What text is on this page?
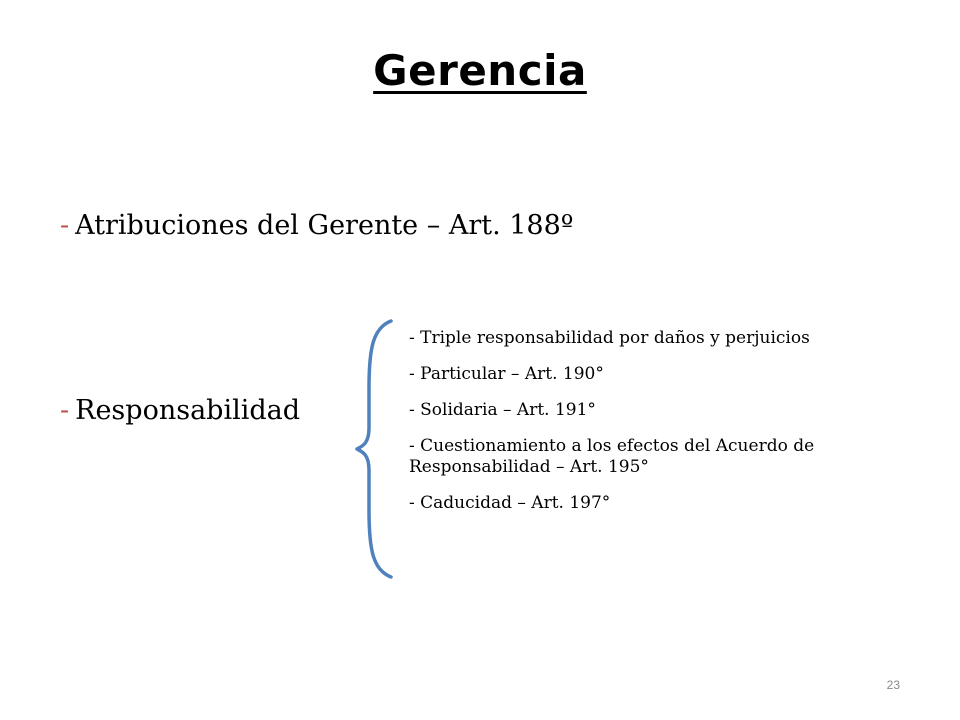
Gerencia
- Atribuciones del Gerente – Art. 188º
- Responsabilidad
- Triple responsabilidad por daños y perjuicios
- Particular – Art. 190°
- Solidaria – Art. 191°
- Cuestionamiento a los efectos del Acuerdo de Responsabilidad – Art. 195°
- Caducidad – Art. 197°
23
